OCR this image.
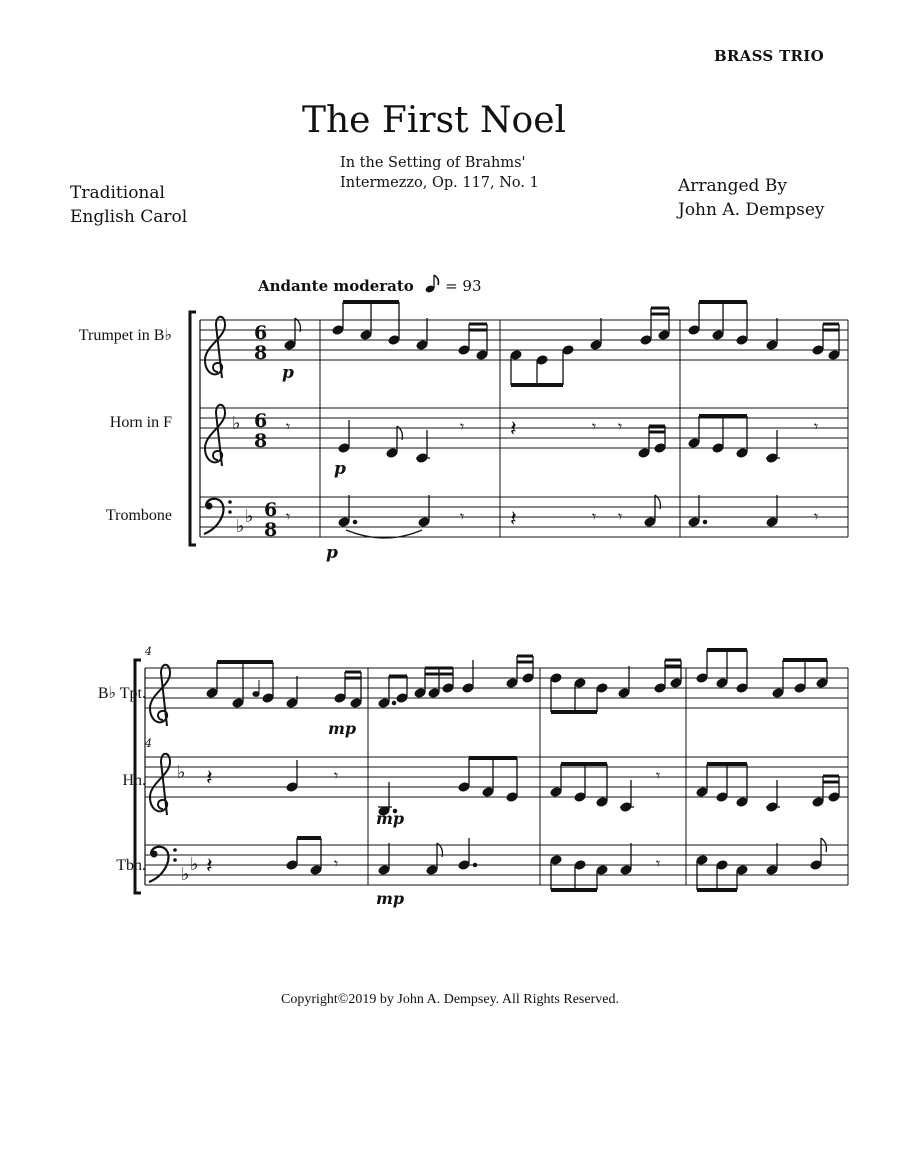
BRASS TRIO
The First Noel
In the Setting of Brahms'
Intermezzo, Op. 117, No. 1
Traditional
English Carol
Arranged By
John A. Dempsey
Andante moderato = 93
Trumpet in B♭
Horn in F
Trombone
B♭ Tpt.
Hn.
Tbn.
♭
♭ ♭
6
8
6
8
6
8
𝄾
𝄾
𝄾
𝄾
𝄽
𝄽
𝄾 𝄾
𝄾 𝄾
𝄾
𝄾
p
p
p
4
4
♭
♭ ♭
𝄽
𝄽
𝄾
𝄾
𝄾
𝄾
mp
mp
mp
Copyright©2019 by John A. Dempsey. All Rights Reserved.
